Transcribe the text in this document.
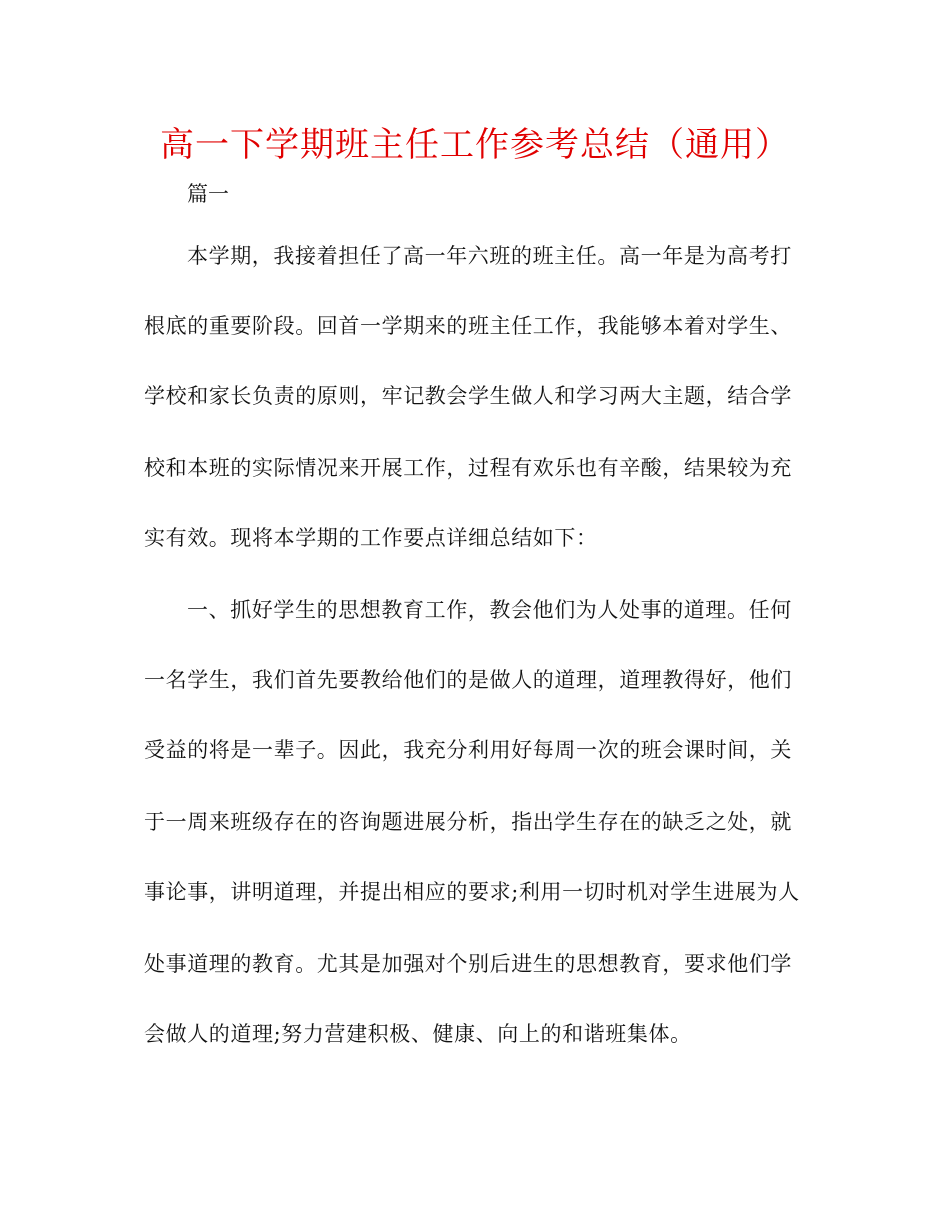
高一下学期班主任工作参考总结（通用）
篇一
本学期，我接着担任了高一年六班的班主任。高一年是为高考打
根底的重要阶段。回首一学期来的班主任工作，我能够本着对学生、
学校和家长负责的原则，牢记教会学生做人和学习两大主题，结合学
校和本班的实际情况来开展工作，过程有欢乐也有辛酸，结果较为充
实有效。现将本学期的工作要点详细总结如下：
一、抓好学生的思想教育工作，教会他们为人处事的道理。任何
一名学生，我们首先要教给他们的是做人的道理，道理教得好，他们
受益的将是一辈子。因此，我充分利用好每周一次的班会课时间，关
于一周来班级存在的咨询题进展分析，指出学生存在的缺乏之处，就
事论事，讲明道理，并提出相应的要求;利用一切时机对学生进展为人
处事道理的教育。尤其是加强对个别后进生的思想教育，要求他们学
会做人的道理;努力营建积极、健康、向上的和谐班集体。
